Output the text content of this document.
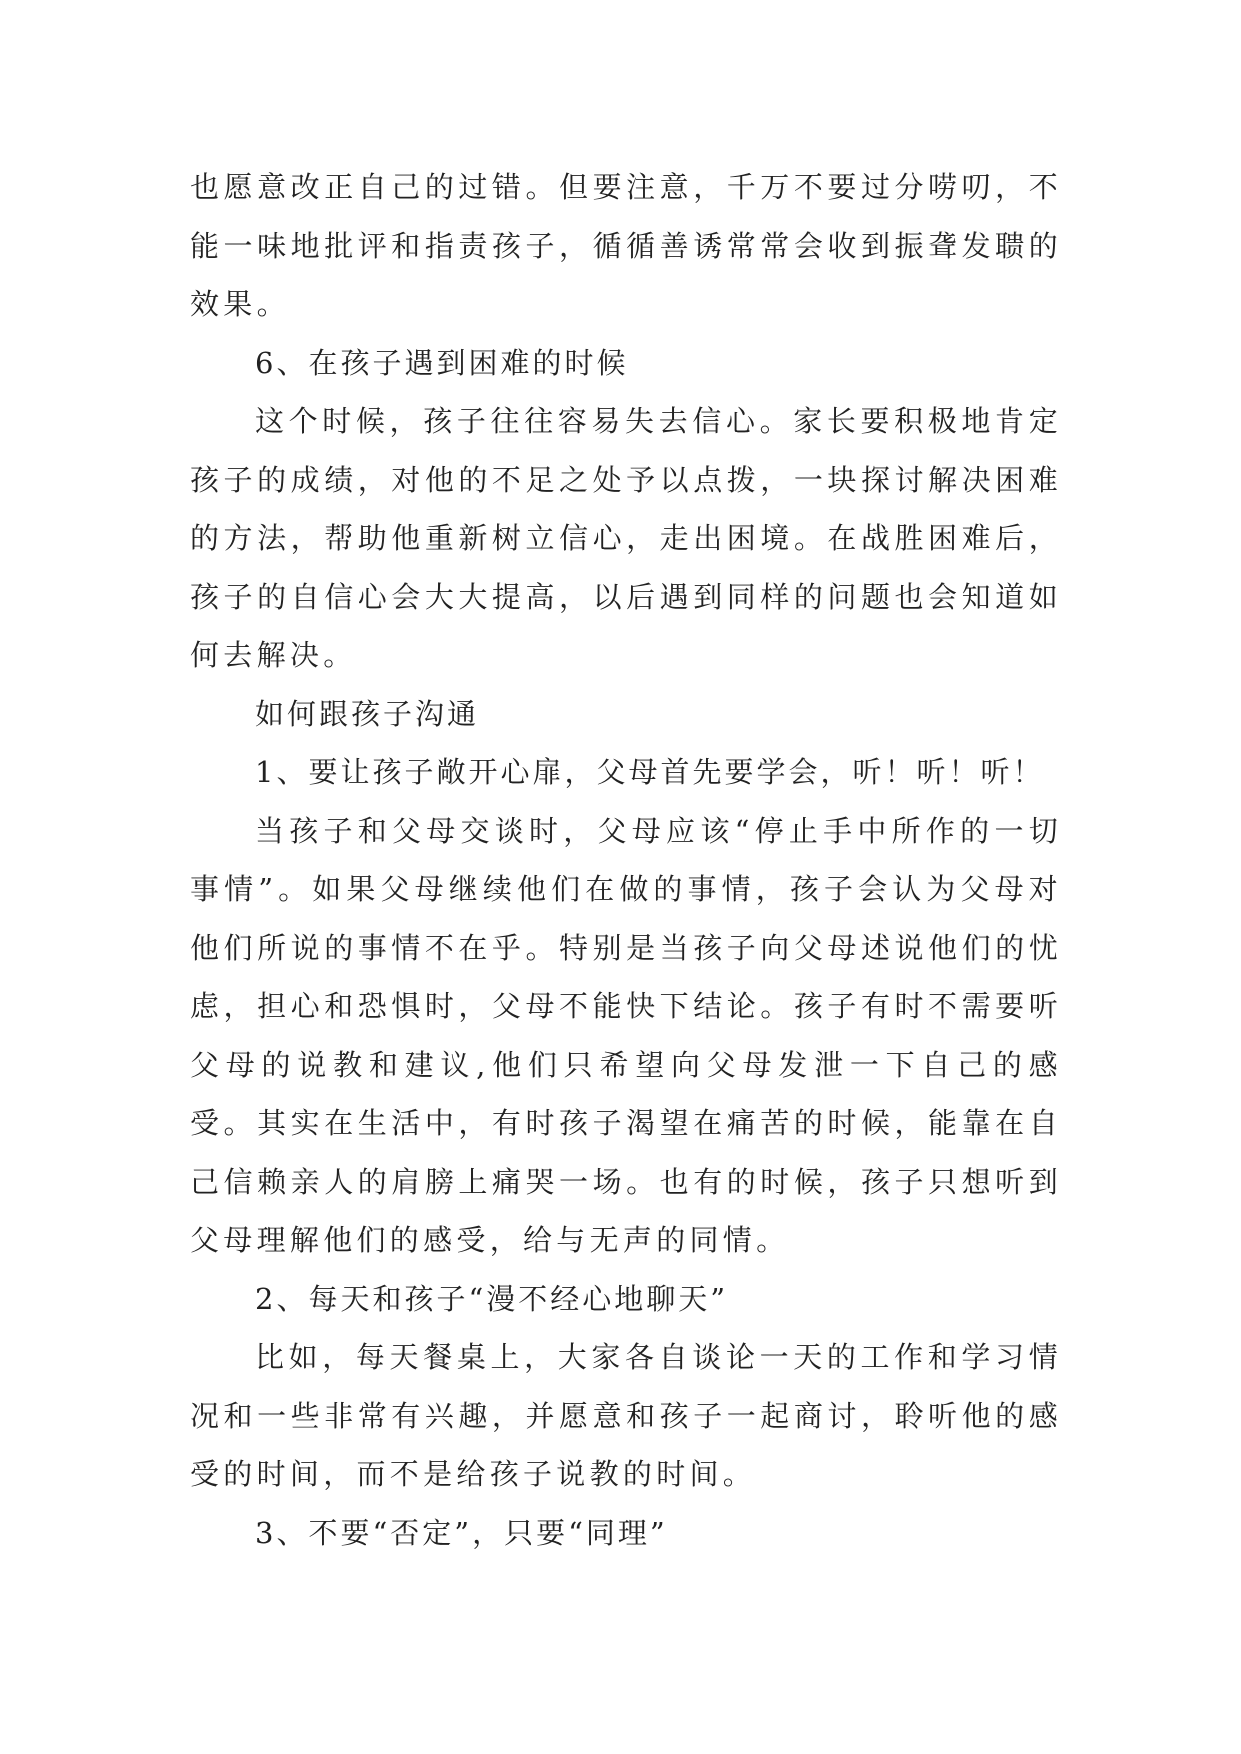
也愿意改正自己的过错。但要注意，千万不要过分唠叨，不能一味地批评和指责孩子，循循善诱常常会收到振聋发聩的效果。

6、在孩子遇到困难的时候

这个时候，孩子往往容易失去信心。家长要积极地肯定孩子的成绩，对他的不足之处予以点拨，一块探讨解决困难的方法，帮助他重新树立信心，走出困境。在战胜困难后，孩子的自信心会大大提高，以后遇到同样的问题也会知道如何去解决。

如何跟孩子沟通

1、要让孩子敞开心扉，父母首先要学会，听！听！听！

当孩子和父母交谈时，父母应该“停止手中所作的一切事情”。如果父母继续他们在做的事情，孩子会认为父母对他们所说的事情不在乎。特别是当孩子向父母述说他们的忧虑，担心和恐惧时，父母不能快下结论。孩子有时不需要听父母的说教和建议,他们只希望向父母发泄一下自己的感受。其实在生活中，有时孩子渴望在痛苦的时候，能靠在自己信赖亲人的肩膀上痛哭一场。也有的时候，孩子只想听到父母理解他们的感受，给与无声的同情。

2、每天和孩子“漫不经心地聊天”

比如，每天餐桌上，大家各自谈论一天的工作和学习情况和一些非常有兴趣，并愿意和孩子一起商讨，聆听他的感受的时间，而不是给孩子说教的时间。

3、不要“否定”，只要“同理”
